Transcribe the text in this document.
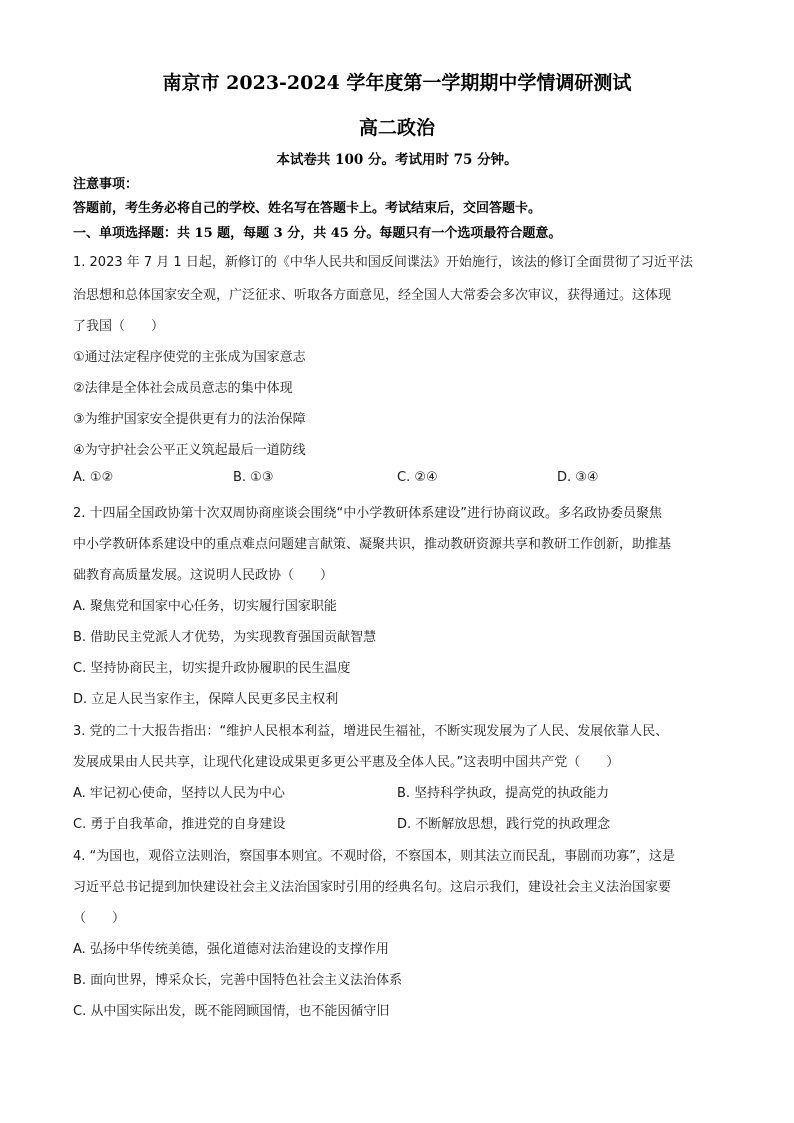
南京市 2023-2024 学年度第一学期期中学情调研测试
高二政治
本试卷共 100 分。考试用时 75 分钟。
注意事项：
答题前，考生务必将自己的学校、姓名写在答题卡上。考试结束后，交回答题卡。
一、单项选择题：共 15 题，每题 3 分，共 45 分。每题只有一个选项最符合题意。
1. 2023 年 7 月 1 日起，新修订的《中华人民共和国反间谍法》开始施行，该法的修订全面贯彻了习近平法
治思想和总体国家安全观，广泛征求、听取各方面意见，经全国人大常委会多次审议，获得通过。这体现
了我国（　　）
①通过法定程序使党的主张成为国家意志
②法律是全体社会成员意志的集中体现
③为维护国家安全提供更有力的法治保障
④为守护社会公平正义筑起最后一道防线
A. ①②	B. ①③	C. ②④	D. ③④
2. 十四届全国政协第十次双周协商座谈会围绕“中小学教研体系建设”进行协商议政。多名政协委员聚焦
中小学教研体系建设中的重点难点问题建言献策、凝聚共识，推动教研资源共享和教研工作创新，助推基
础教育高质量发展。这说明人民政协（　　）
A. 聚焦党和国家中心任务，切实履行国家职能
B. 借助民主党派人才优势，为实现教育强国贡献智慧
C. 坚持协商民主，切实提升政协履职的民生温度
D. 立足人民当家作主，保障人民更多民主权利
3. 党的二十大报告指出：“维护人民根本利益，增进民生福祉，不断实现发展为了人民、发展依靠人民、
发展成果由人民共享，让现代化建设成果更多更公平惠及全体人民。”这表明中国共产党（　　）
A. 牢记初心使命，坚持以人民为中心	B. 坚持科学执政，提高党的执政能力
C. 勇于自我革命，推进党的自身建设	D. 不断解放思想，践行党的执政理念
4. “为国也，观俗立法则治，察国事本则宜。不观时俗，不察国本，则其法立而民乱，事剧而功寡”，这是
习近平总书记提到加快建设社会主义法治国家时引用的经典名句。这启示我们，建设社会主义法治国家要
（　　）
A. 弘扬中华传统美德，强化道德对法治建设的支撑作用
B. 面向世界，博采众长，完善中国特色社会主义法治体系
C. 从中国实际出发，既不能罔顾国情，也不能因循守旧
